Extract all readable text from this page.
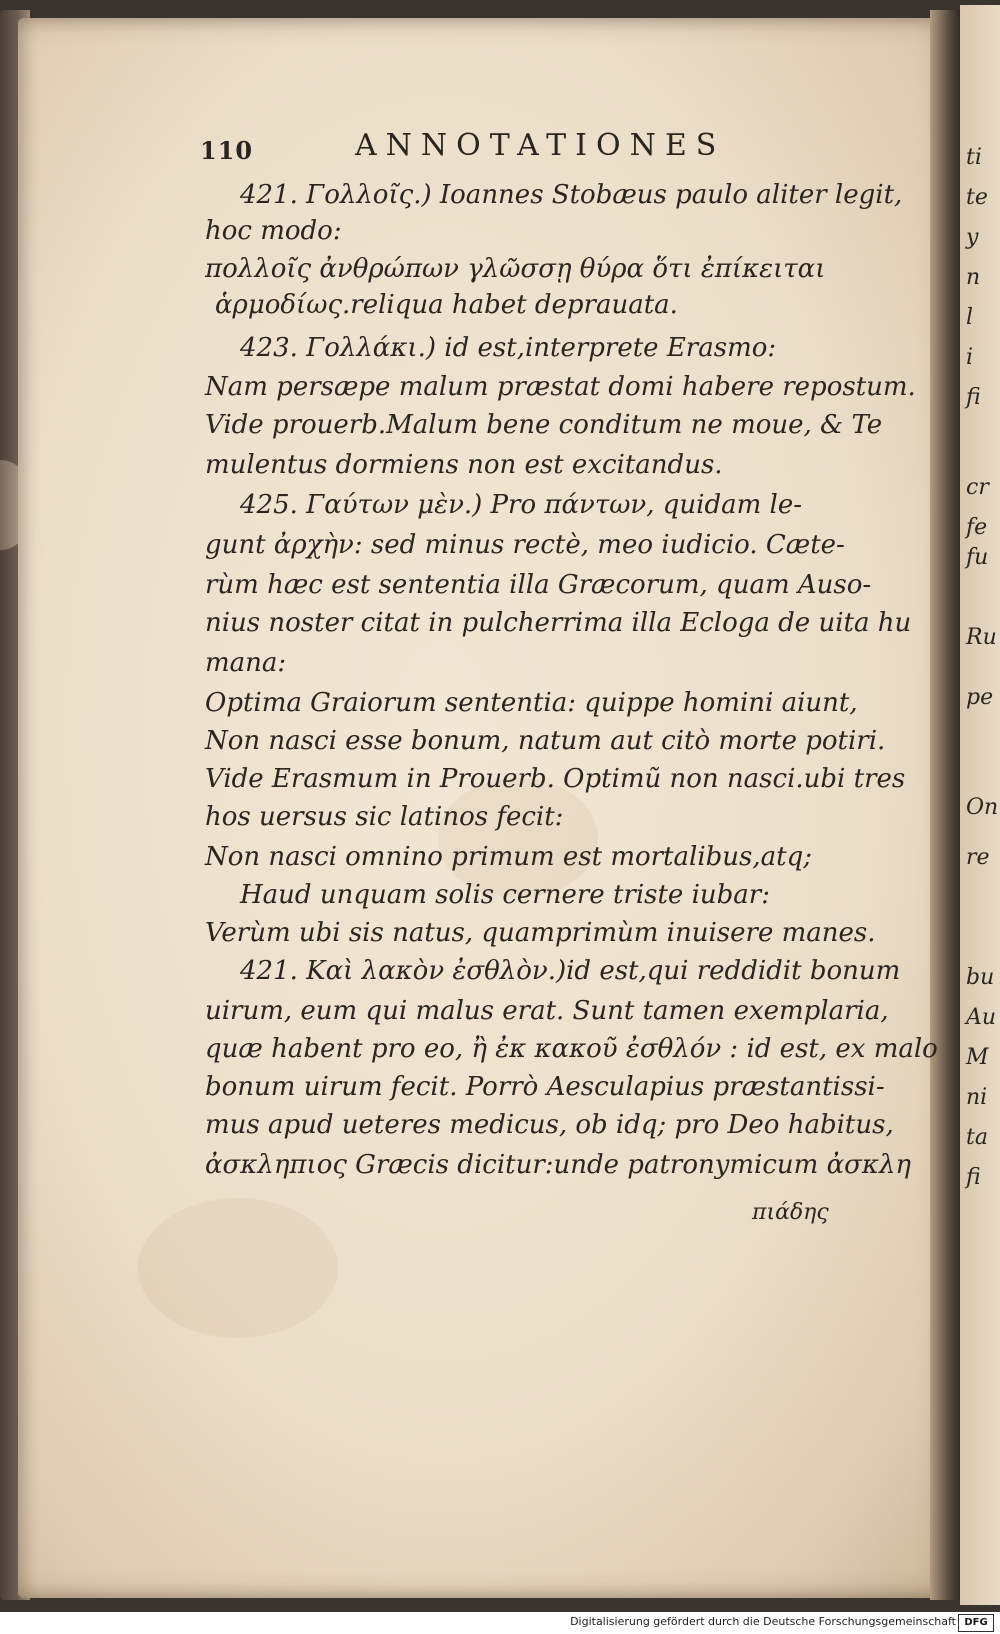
ti
te
y
n
l
i
fi
cr
fe
fu
Ru
pe
On
re
bu
Au
M
ni
ta
fi
110	ANNOTATIONES
421. Γολλοῖς.) Ioannes Stobæus paulo aliter legit,
hoc modo:
πολλοῖς ἀνθρώπων γλῶσσῃ θύρα ὅτι ἐπίκειται
ἁρμοδίως.reliqua habet deprauata.
423. Γολλάκι.) id est,interprete Erasmo:
Nam persæpe malum præstat domi habere repostum.
Vide prouerb.Malum bene conditum ne moue, & Te
mulentus dormiens non est excitandus.
425. Γαύτων μὲν.) Pro πάντων, quidam le-
gunt ἀρχὴν: sed minus rectè, meo iudicio. Cæte-
rùm hæc est sententia illa Græcorum, quam Auso-
nius noster citat in pulcherrima illa Ecloga de uita hu
mana:
Optima Graiorum sententia: quippe homini aiunt,
Non nasci esse bonum, natum aut citò morte potiri.
Vide Erasmum in Prouerb. Optimũ non nasci.ubi tres
hos uersus sic latinos fecit:
Non nasci omnino primum est mortalibus,atq;
Haud unquam solis cernere triste iubar:
Verùm ubi sis natus, quamprimùm inuisere manes.
421. Καὶ λακὸν ἐσθλὸν.)id est,qui reddidit bonum
uirum, eum qui malus erat. Sunt tamen exemplaria,
quæ habent pro eo, ἢ ἐκ κακοῦ ἐσθλόν : id est, ex malo
bonum uirum fecit. Porrò Aesculapius præstantissi-
mus apud ueteres medicus, ob idq; pro Deo habitus,
ἀσκληπιος Græcis dicitur:unde patronymicum ἀσκλη
πιάδης
Digitalisierung gefördert durch die Deutsche Forschungsgemeinschaft DFG
